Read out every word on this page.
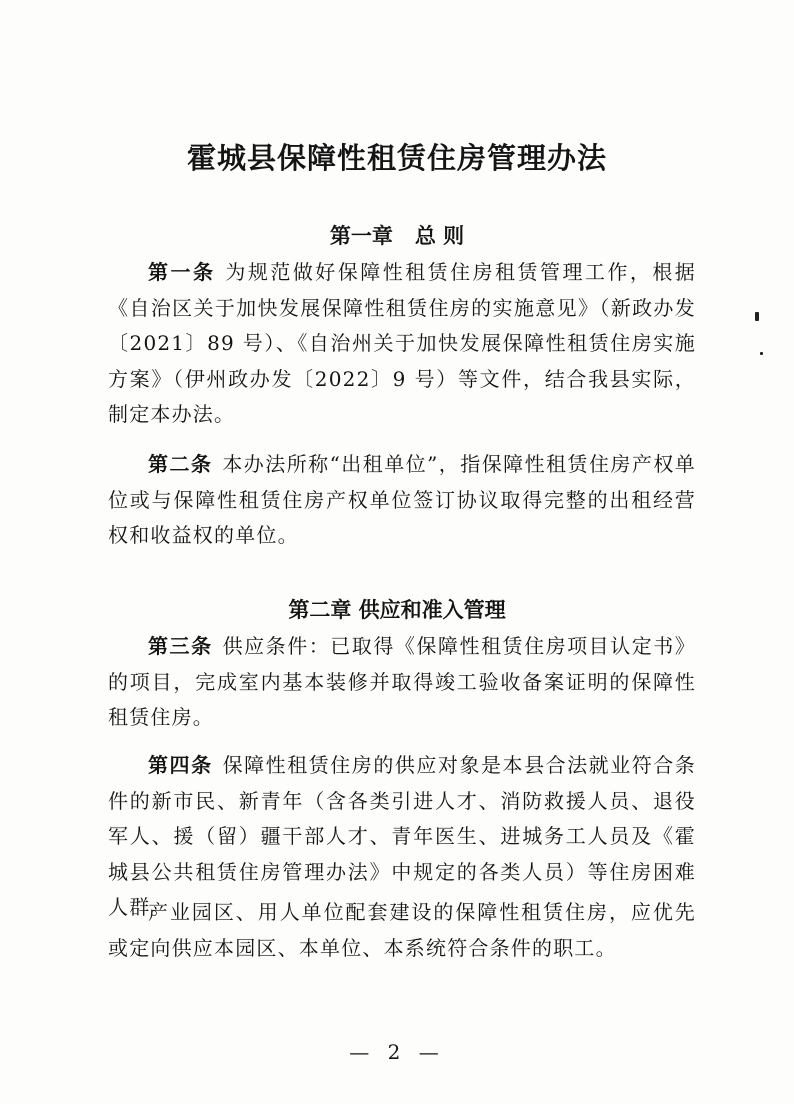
霍城县保障性租赁住房管理办法
第一章 总 则
第一条 为规范做好保障性租赁住房租赁管理工作，根据《自治区关于加快发展保障性租赁住房的实施意见》（新政办发〔2021〕89 号）、《自治州关于加快发展保障性租赁住房实施方案》（伊州政办发〔2022〕9 号）等文件，结合我县实际，制定本办法。
第二条 本办法所称“出租单位”，指保障性租赁住房产权单位或与保障性租赁住房产权单位签订协议取得完整的出租经营权和收益权的单位。
第二章 供应和准入管理
第三条 供应条件：已取得《保障性租赁住房项目认定书》的项目，完成室内基本装修并取得竣工验收备案证明的保障性租赁住房。
第四条 保障性租赁住房的供应对象是本县合法就业符合条件的新市民、新青年（含各类引进人才、消防救援人员、退役军人、援（留）疆干部人才、青年医生、进城务工人员及《霍城县公共租赁住房管理办法》中规定的各类人员）等住房困难人群。
产业园区、用人单位配套建设的保障性租赁住房，应优先或定向供应本园区、本单位、本系统符合条件的职工。
— 2 —
